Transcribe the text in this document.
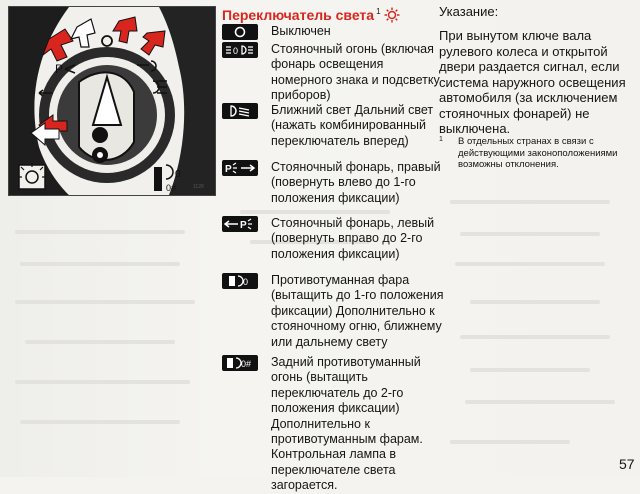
P
0
0#	1128
Переключатель света 1
Выключен
0	Стояночный огонь (включая фонарь освещения номерного знака и подсветку приборов)
Ближний свет Дальний свет (нажать комбинированный переключатель вперед)
P	Стояночный фонарь, правый (повернуть влево до 1-го положения фиксации)
P Стояночный фонарь, левый (повернуть вправо до 2-го положения фиксации)
0 Противотуманная фара (вытащить до 1-го положения фиксации) Дополнительно к стояночному огню, ближнему или дальнему свету
0# Задний противотуманный огонь (вытащить переключатель до 2-го положения фиксации) Дополнительно к противотуманным фарам. Контрольная лампа в переключателе света загорается.
Указание:
При вынутом ключе вала рулевого колеса и открытой двери раздается сигнал, если система наружного освещения автомобиля (за исключением стояночных фонарей) не выключена.
1 В отдельных странах в связи с действующими законоположениями возможны отклонения.
57
